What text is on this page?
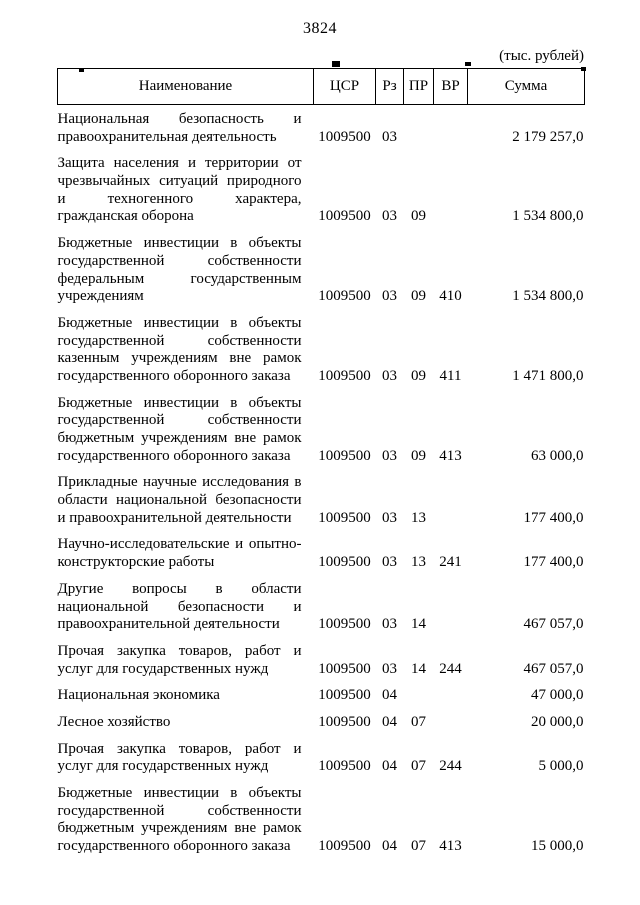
3824
(тыс. рублей)
Наименование	ЦСР	Рз	ПР	ВР	Сумма
Национальная безопасность и правоохранительная деятельность	1009500	03			2 179 257,0
Защита населения и территории от чрезвычайных ситуаций природного и техногенного характера, гражданская оборона	1009500	03	09		1 534 800,0
Бюджетные инвестиции в объекты государственной собственности федеральным государственным учреждениям	1009500	03	09	410	1 534 800,0
Бюджетные инвестиции в объекты государственной собственности казенным учреждениям вне рамок государственного оборонного заказа	1009500	03	09	411	1 471 800,0
Бюджетные инвестиции в объекты государственной собственности бюджетным учреждениям вне рамок государственного оборонного заказа	1009500	03	09	413	63 000,0
Прикладные научные исследования в области национальной безопасности и правоохранительной деятельности	1009500	03	13		177 400,0
Научно-исследовательские и опытно-конструкторские работы	1009500	03	13	241	177 400,0
Другие вопросы в области национальной безопасности и правоохранительной деятельности	1009500	03	14		467 057,0
Прочая закупка товаров, работ и услуг для государственных нужд	1009500	03	14	244	467 057,0
Национальная экономика	1009500	04			47 000,0
Лесное хозяйство	1009500	04	07		20 000,0
Прочая закупка товаров, работ и услуг для государственных нужд	1009500	04	07	244	5 000,0
Бюджетные инвестиции в объекты государственной собственности бюджетным учреждениям вне рамок государственного оборонного заказа	1009500	04	07	413	15 000,0
